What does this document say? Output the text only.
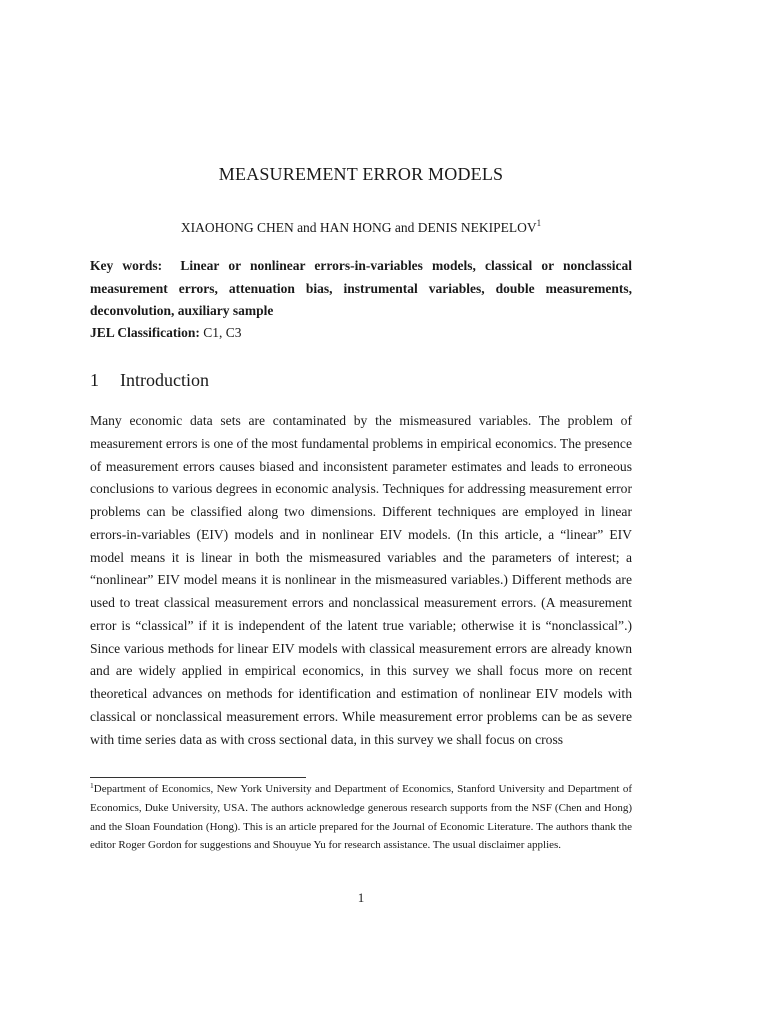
MEASUREMENT ERROR MODELS

XIAOHONG CHEN and HAN HONG and DENIS NEKIPELOV$^1$

Key words: Linear or nonlinear errors-in-variables models, classical or nonclassical measurement errors, attenuation bias, instrumental variables, double measurements, deconvolution, auxiliary sample

JEL Classification: C1, C3

1 Introduction

Many economic data sets are contaminated by the mismeasured variables. The problem of measurement errors is one of the most fundamental problems in empirical economics. The presence of measurement errors causes biased and inconsistent parameter estimates and leads to erroneous conclusions to various degrees in economic analysis. Techniques for addressing measurement error problems can be classified along two dimensions. Different techniques are employed in linear errors-in-variables (EIV) models and in nonlinear EIV models. (In this article, a “linear” EIV model means it is linear in both the mismeasured variables and the parameters of interest; a “nonlinear” EIV model means it is nonlinear in the mismeasured variables.) Different methods are used to treat classical measurement errors and nonclassical measurement errors. (A measurement error is “classical” if it is independent of the latent true variable; otherwise it is “nonclassical”.) Since various methods for linear EIV models with classical measurement errors are already known and are widely applied in empirical economics, in this survey we shall focus more on recent theoretical advances on methods for identification and estimation of nonlinear EIV models with classical or nonclassical measurement errors. While measurement error problems can be as severe with time series data as with cross sectional data, in this survey we shall focus on cross

$^1$Department of Economics, New York University and Department of Economics, Stanford University and Department of Economics, Duke University, USA. The authors acknowledge generous research supports from the NSF (Chen and Hong) and the Sloan Foundation (Hong). This is an article prepared for the Journal of Economic Literature. The authors thank the editor Roger Gordon for suggestions and Shouyue Yu for research assistance. The usual disclaimer applies.

1
